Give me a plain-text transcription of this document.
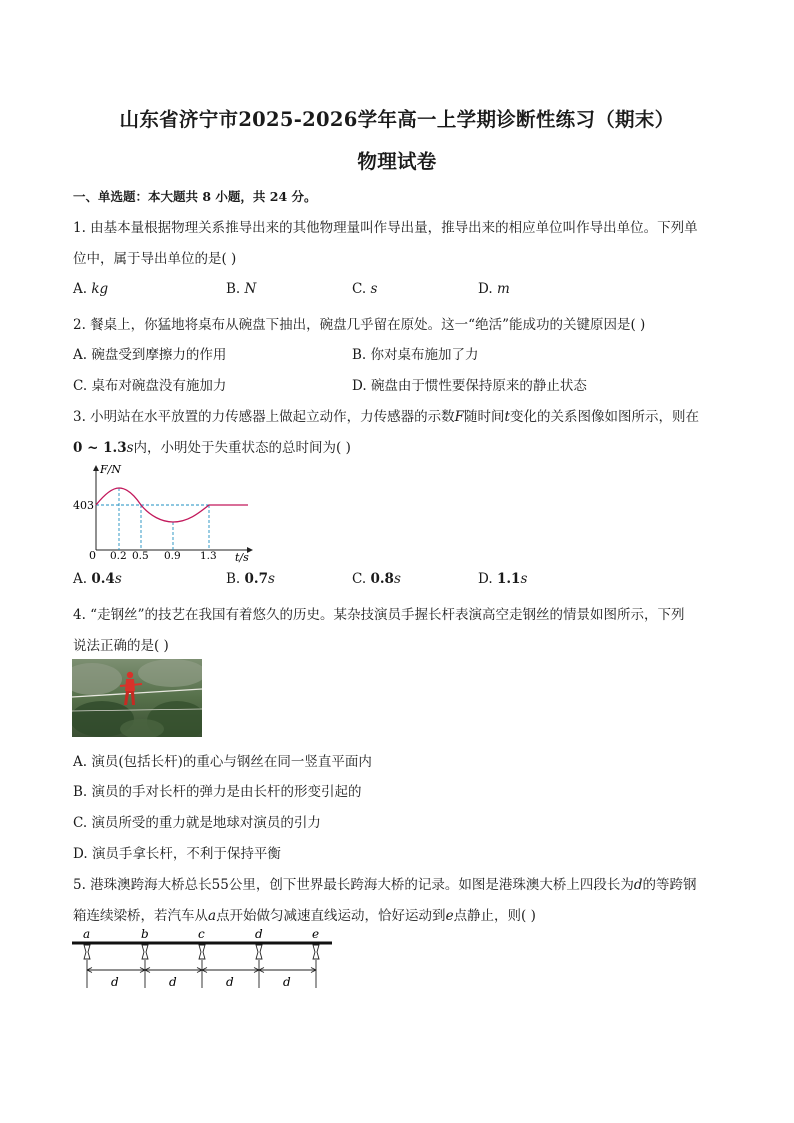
山东省济宁市2025-2026学年高一上学期诊断性练习（期末）
物理试卷
一、单选题：本大题共 8 小题，共 24 分。
1. 由基本量根据物理关系推导出来的其他物理量叫作导出量，推导出来的相应单位叫作导出单位。下列单
位中，属于导出单位的是( )
A. kg	B. N	C. s	D. m
2. 餐桌上，你猛地将桌布从碗盘下抽出，碗盘几乎留在原处。这一“绝活”能成功的关键原因是( )
A. 碗盘受到摩擦力的作用	B. 你对桌布施加了力
C. 桌布对碗盘没有施加力	D. 碗盘由于惯性要保持原来的静止状态
3. 小明站在水平放置的力传感器上做起立动作，力传感器的示数F随时间t变化的关系图像如图所示，则在
0 ~ 1.3s内，小明处于失重状态的总时间为( )
F/N
t/s
0
403
0.2 0.5 0.9 1.3
A. 0.4s	B. 0.7s	C. 0.8s	D. 1.1s
4. “走钢丝”的技艺在我国有着悠久的历史。某杂技演员手握长杆表演高空走钢丝的情景如图所示，下列
说法正确的是( )
A. 演员(包括长杆)的重心与钢丝在同一竖直平面内
B. 演员的手对长杆的弹力是由长杆的形变引起的
C. 演员所受的重力就是地球对演员的引力
D. 演员手拿长杆，不利于保持平衡
5. 港珠澳跨海大桥总长55公里，创下世界最长跨海大桥的记录。如图是港珠澳大桥上四段长为d的等跨钢
箱连续梁桥，若汽车从a点开始做匀减速直线运动，恰好运动到e点静止，则( )
a	b	c	d	e
d	d	d	d
